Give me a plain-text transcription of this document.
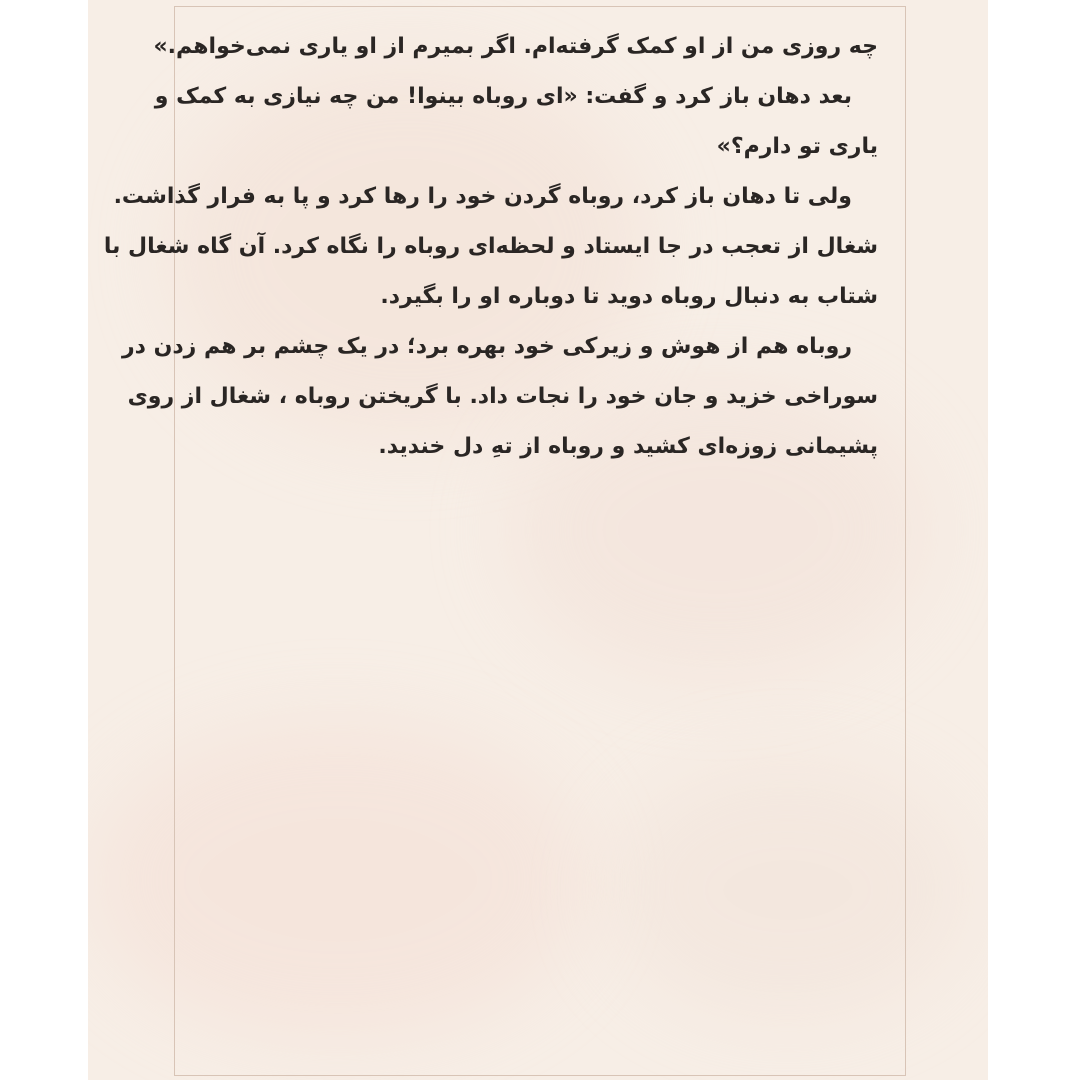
چه روزی من از او کمک گرفته‌ام. اگر بمیرم از او یاری نمی‌خواهم.»
بعد دهان باز کرد و گفت: «ای روباه بینوا! من چه نیازی به کمک و
یاری تو دارم؟»
ولی تا دهان باز کرد، روباه گردن خود را رها کرد و پا به فرار گذاشت.
شغال از تعجب در جا ایستاد و لحظه‌ای روباه را نگاه کرد. آن گاه شغال با
شتاب به دنبال روباه دوید تا دوباره او را بگیرد.
روباه هم از هوش و زیرکی خود بهره برد؛ در یک چشم بر هم زدن در
سوراخی خزید و جان خود را نجات داد. با گریختن روباه ، شغال از روی
پشیمانی زوزه‌ای کشید و روباه از تهِ دل خندید.
